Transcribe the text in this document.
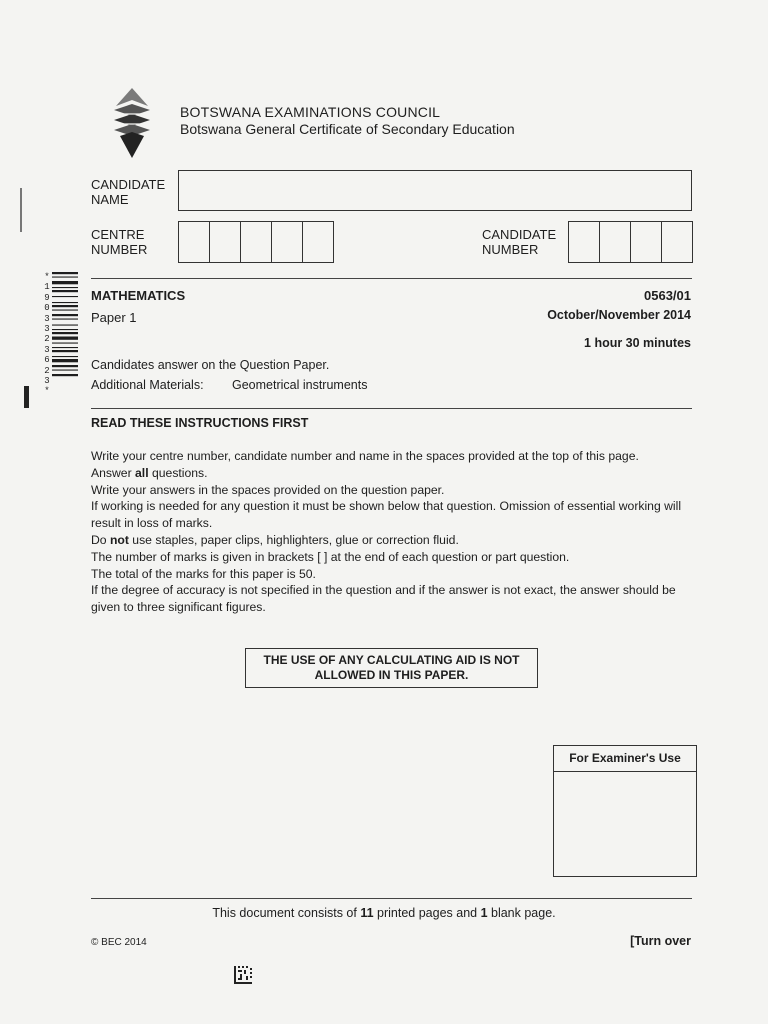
BOTSWANA EXAMINATIONS COUNCIL
Botswana General Certificate of Secondary Education
CANDIDATE
NAME
CENTRE
NUMBER
CANDIDATE
NUMBER
*
1
9
0
3
3
2
3
6
2
3
*
MATHEMATICS
Paper 1
0563/01
October/November 2014
1 hour 30 minutes
Candidates answer on the Question Paper.
Additional Materials: Geometrical instruments
READ THESE INSTRUCTIONS FIRST

Write your centre number, candidate number and name in the spaces provided at the top of this page.

Answer all questions.

Write your answers in the spaces provided on the question paper.

If working is needed for any question it must be shown below that question. Omission of essential working will result in loss of marks.

Do not use staples, paper clips, highlighters, glue or correction fluid.

The number of marks is given in brackets [ ] at the end of each question or part question.

The total of the marks for this paper is 50.

If the degree of accuracy is not specified in the question and if the answer is not exact, the answer should be given to three significant figures.

THE USE OF ANY CALCULATING AID IS NOT
ALLOWED IN THIS PAPER.
For Examiner's Use
This document consists of 11 printed pages and 1 blank page.
© BEC 2014	[Turn over
